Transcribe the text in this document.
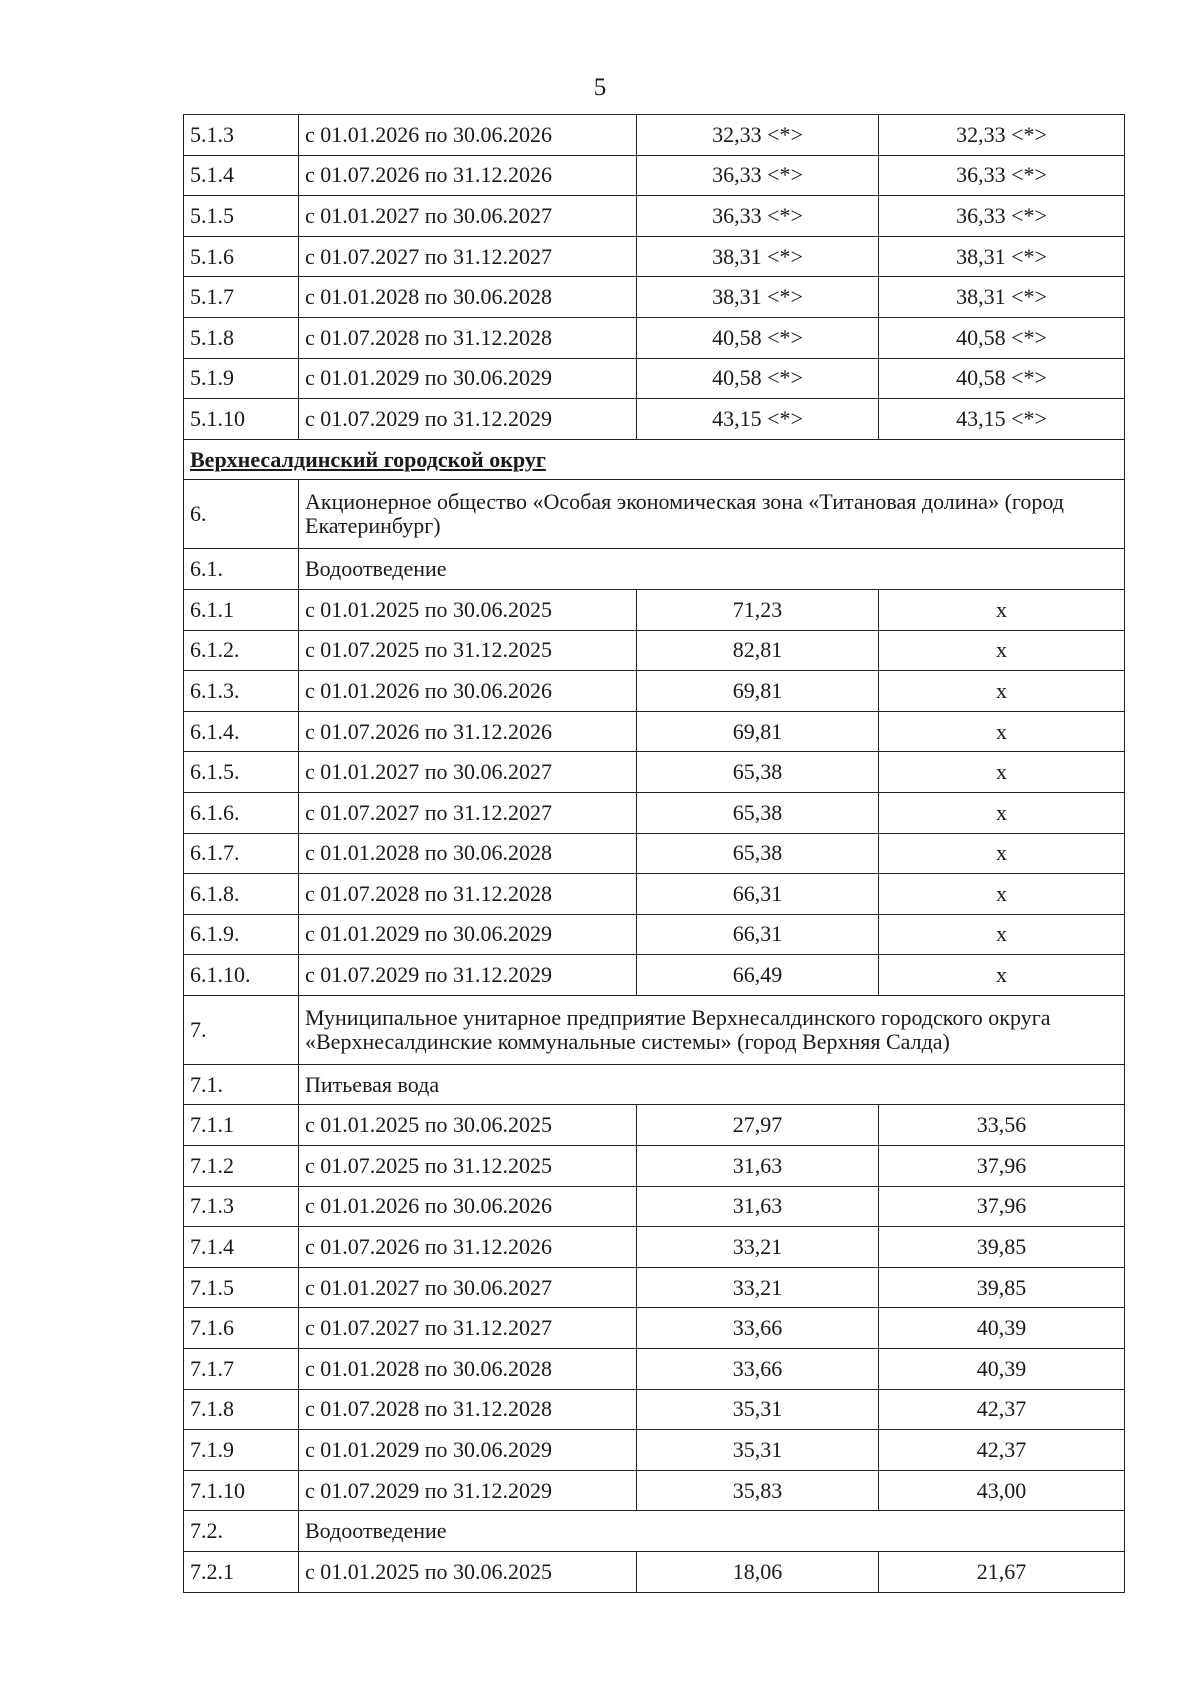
5
5.1.3	с 01.01.2026 по 30.06.2026	32,33 <*>	32,33 <*>
5.1.4	с 01.07.2026 по 31.12.2026	36,33 <*>	36,33 <*>
5.1.5	с 01.01.2027 по 30.06.2027	36,33 <*>	36,33 <*>
5.1.6	с 01.07.2027 по 31.12.2027	38,31 <*>	38,31 <*>
5.1.7	с 01.01.2028 по 30.06.2028	38,31 <*>	38,31 <*>
5.1.8	с 01.07.2028 по 31.12.2028	40,58 <*>	40,58 <*>
5.1.9	с 01.01.2029 по 30.06.2029	40,58 <*>	40,58 <*>
5.1.10	с 01.07.2029 по 31.12.2029	43,15 <*>	43,15 <*>
Верхнесалдинский городской округ			
6.	Акционерное общество «Особая экономическая зона «Титановая долина» (город Екатеринбург)		
6.1.	Водоотведение		
6.1.1	с 01.01.2025 по 30.06.2025	71,23	х
6.1.2.	с 01.07.2025 по 31.12.2025	82,81	х
6.1.3.	с 01.01.2026 по 30.06.2026	69,81	х
6.1.4.	с 01.07.2026 по 31.12.2026	69,81	х
6.1.5.	с 01.01.2027 по 30.06.2027	65,38	х
6.1.6.	с 01.07.2027 по 31.12.2027	65,38	х
6.1.7.	с 01.01.2028 по 30.06.2028	65,38	х
6.1.8.	с 01.07.2028 по 31.12.2028	66,31	х
6.1.9.	с 01.01.2029 по 30.06.2029	66,31	х
6.1.10.	с 01.07.2029 по 31.12.2029	66,49	х
7.	Муниципальное унитарное предприятие Верхнесалдинского городского округа «Верхнесалдинские коммунальные системы» (город Верхняя Салда)		
7.1.	Питьевая вода		
7.1.1	с 01.01.2025 по 30.06.2025	27,97	33,56
7.1.2	с 01.07.2025 по 31.12.2025	31,63	37,96
7.1.3	с 01.01.2026 по 30.06.2026	31,63	37,96
7.1.4	с 01.07.2026 по 31.12.2026	33,21	39,85
7.1.5	с 01.01.2027 по 30.06.2027	33,21	39,85
7.1.6	с 01.07.2027 по 31.12.2027	33,66	40,39
7.1.7	с 01.01.2028 по 30.06.2028	33,66	40,39
7.1.8	с 01.07.2028 по 31.12.2028	35,31	42,37
7.1.9	с 01.01.2029 по 30.06.2029	35,31	42,37
7.1.10	с 01.07.2029 по 31.12.2029	35,83	43,00
7.2.	Водоотведение		
7.2.1	с 01.01.2025 по 30.06.2025	18,06	21,67
